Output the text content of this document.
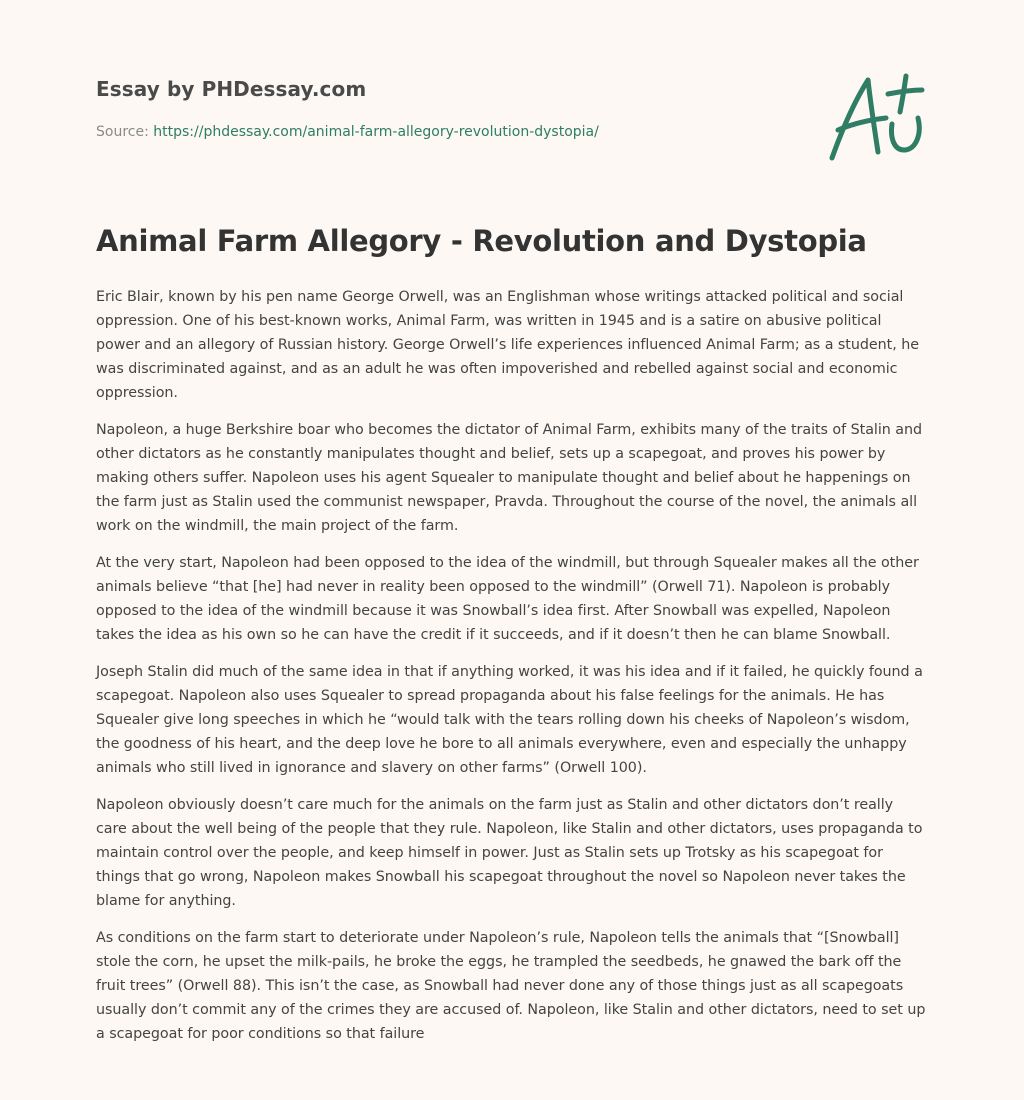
Essay by PHDessay.com
Source: https://phdessay.com/animal-farm-allegory-revolution-dystopia/
Animal Farm Allegory - Revolution and Dystopia

Eric Blair, known by his pen name George Orwell, was an Englishman whose writings attacked political and social oppression. One of his best-known works, Animal Farm, was written in 1945 and is a satire on abusive political power and an allegory of Russian history. George Orwell’s life experiences influenced Animal Farm; as a student, he was discriminated against, and as an adult he was often impoverished and rebelled against social and economic oppression.

Napoleon, a huge Berkshire boar who becomes the dictator of Animal Farm, exhibits many of the traits of Stalin and other dictators as he constantly manipulates thought and belief, sets up a scapegoat, and proves his power by making others suffer. Napoleon uses his agent Squealer to manipulate thought and belief about he happenings on the farm just as Stalin used the communist newspaper, Pravda. Throughout the course of the novel, the animals all work on the windmill, the main project of the farm.

At the very start, Napoleon had been opposed to the idea of the windmill, but through Squealer makes all the other animals believe “that [he] had never in reality been opposed to the windmill” (Orwell 71). Napoleon is probably opposed to the idea of the windmill because it was Snowball’s idea first. After Snowball was expelled, Napoleon takes the idea as his own so he can have the credit if it succeeds, and if it doesn’t then he can blame Snowball.

Joseph Stalin did much of the same idea in that if anything worked, it was his idea and if it failed, he quickly found a scapegoat. Napoleon also uses Squealer to spread propaganda about his false feelings for the animals. He has Squealer give long speeches in which he “would talk with the tears rolling down his cheeks of Napoleon’s wisdom, the goodness of his heart, and the deep love he bore to all animals everywhere, even and especially the unhappy animals who still lived in ignorance and slavery on other farms” (Orwell 100).

Napoleon obviously doesn’t care much for the animals on the farm just as Stalin and other dictators don’t really care about the well being of the people that they rule. Napoleon, like Stalin and other dictators, uses propaganda to maintain control over the people, and keep himself in power. Just as Stalin sets up Trotsky as his scapegoat for things that go wrong, Napoleon makes Snowball his scapegoat throughout the novel so Napoleon never takes the blame for anything.

As conditions on the farm start to deteriorate under Napoleon’s rule, Napoleon tells the animals that “[Snowball] stole the corn, he upset the milk-pails, he broke the eggs, he trampled the seedbeds, he gnawed the bark off the fruit trees” (Orwell 88). This isn’t the case, as Snowball had never done any of those things just as all scapegoats usually don’t commit any of the crimes they are accused of. Napoleon, like Stalin and other dictators, need to set up a scapegoat for poor conditions so that failure
